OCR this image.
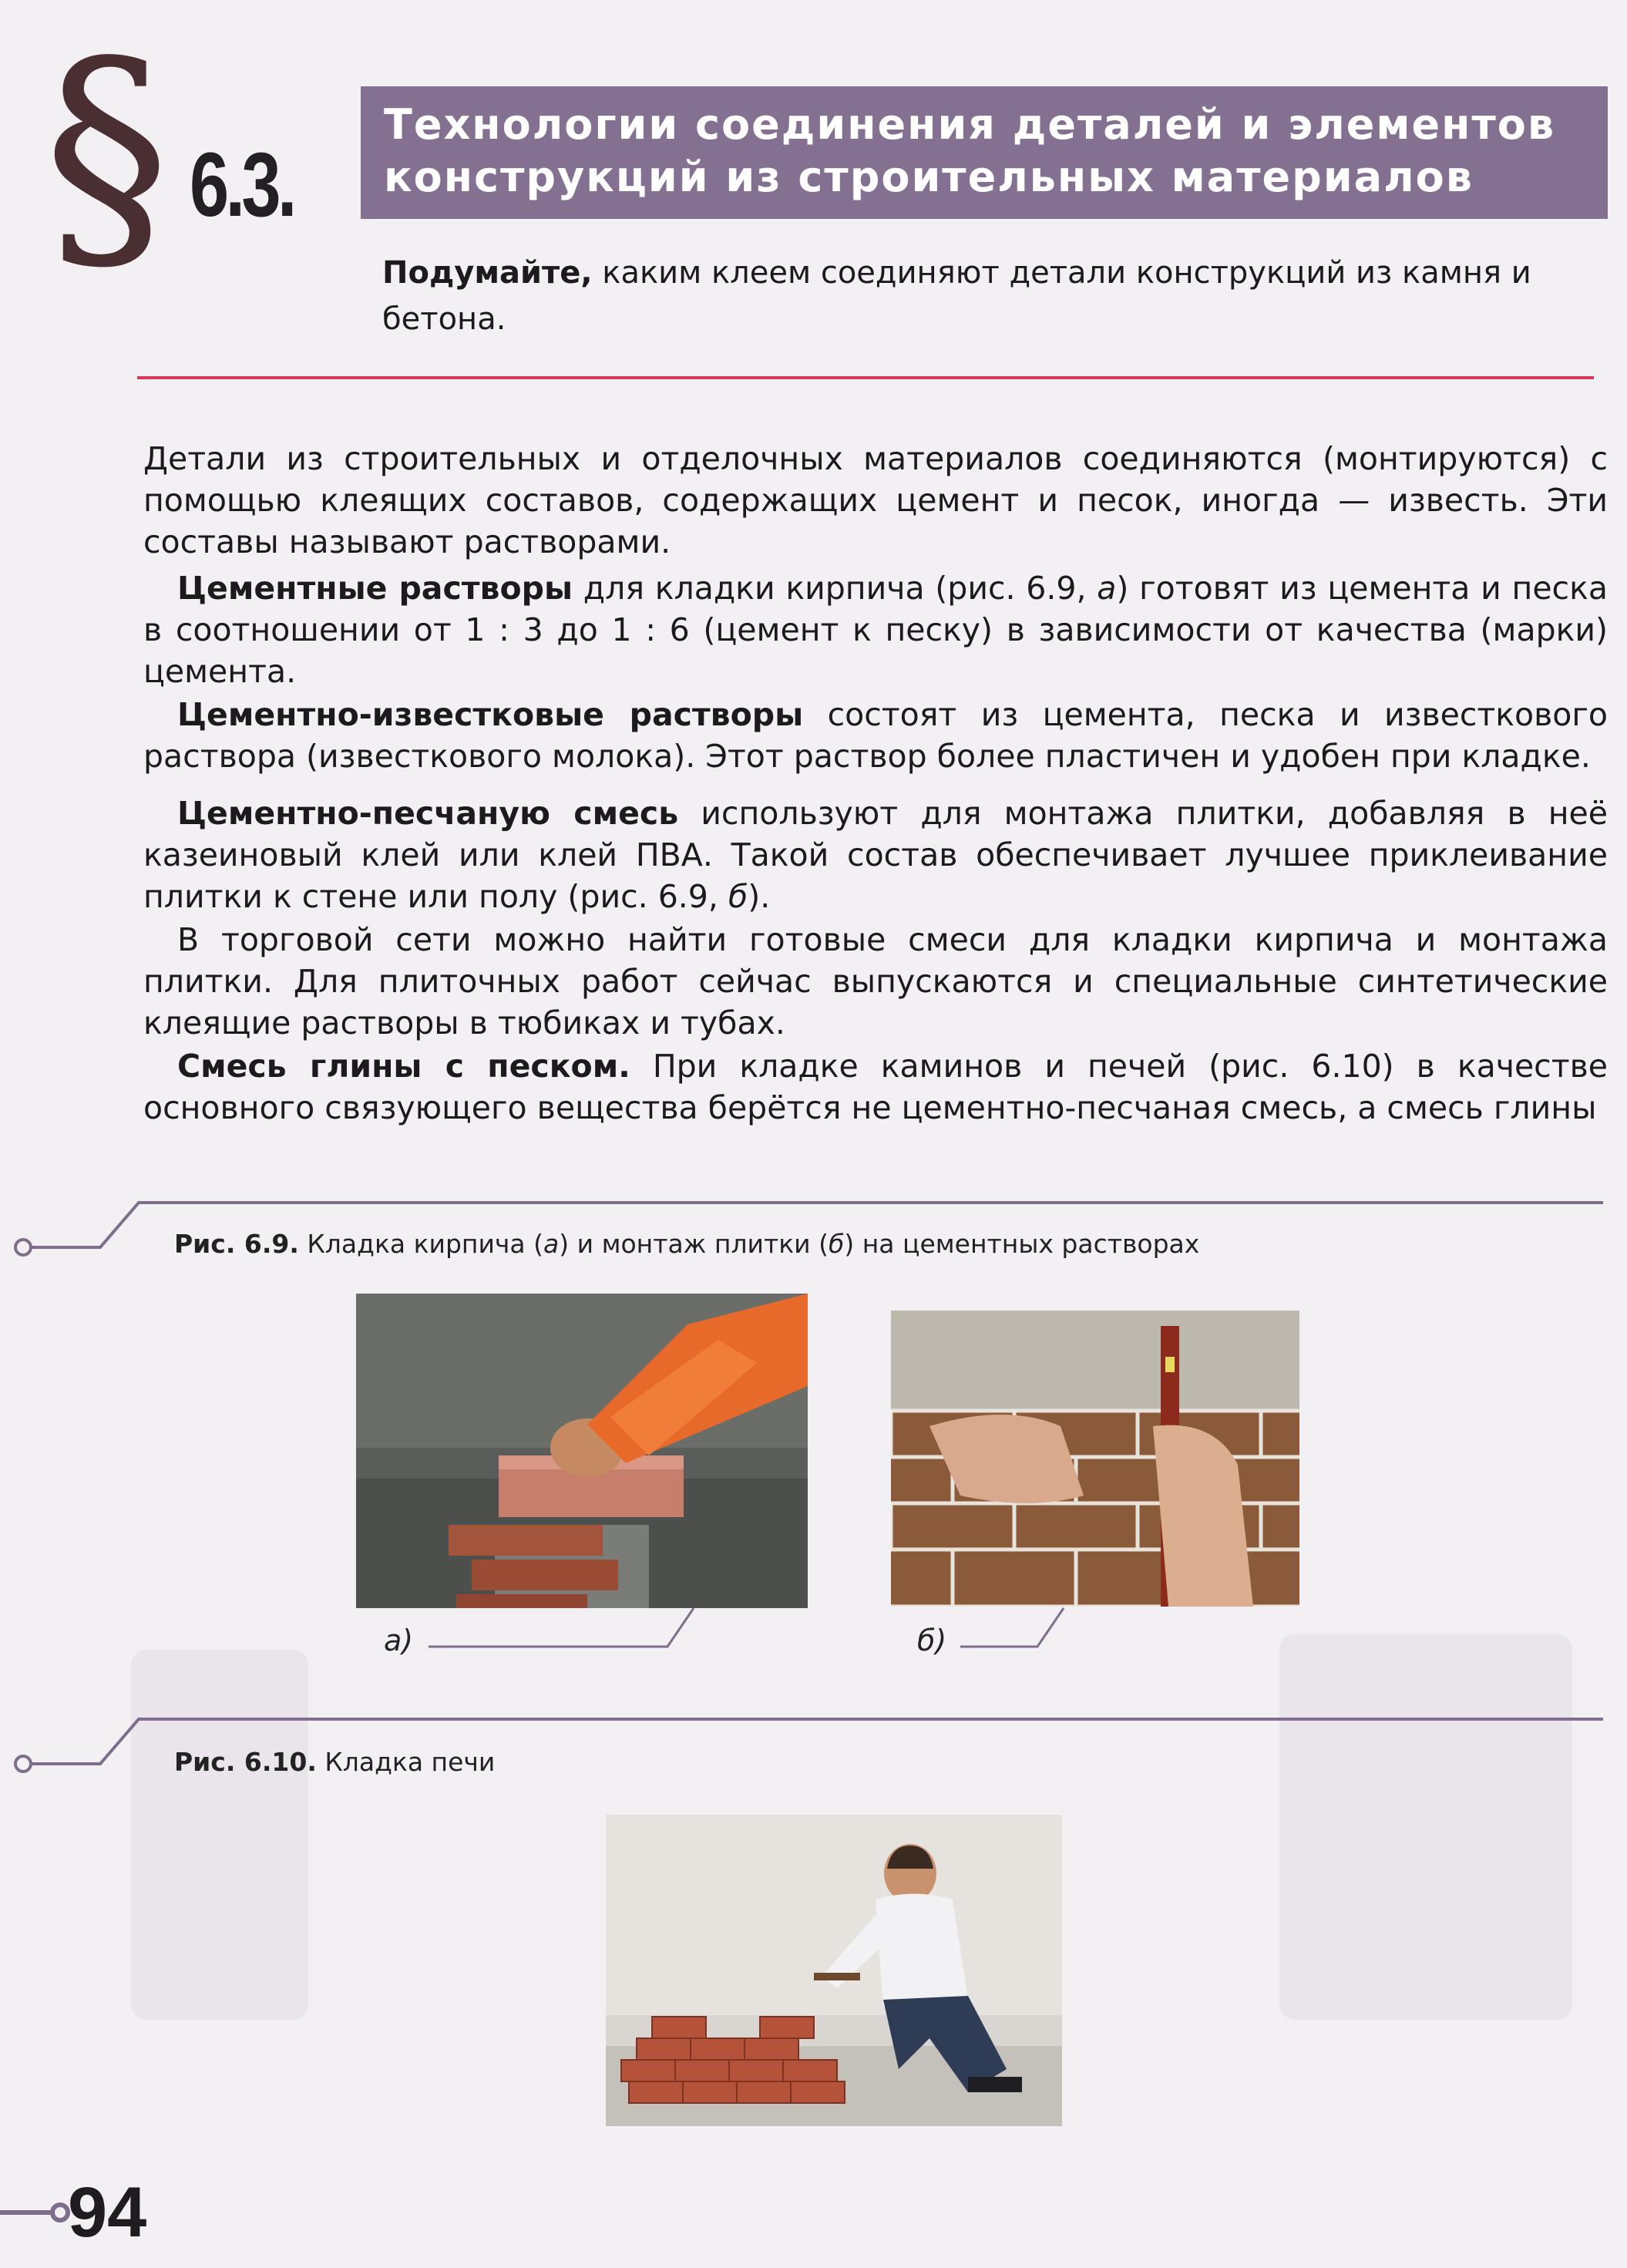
§ 6.3.
Технологии соединения деталей и элементов
конструкций из строительных материалов

Подумайте, каким клеем соединяют детали конструкций из камня и бетона.

Детали из строительных и отделочных материалов соединяются (монтируются) с помощью клеящих составов, содержащих цемент и песок, иногда — известь. Эти составы называют растворами.

Цементные растворы для кладки кирпича (рис. 6.9, а) готовят из цемента и песка в соотношении от 1 : 3 до 1 : 6 (цемент к песку) в зависимости от качества (марки) цемента.

Цементно-известковые растворы состоят из цемента, песка и известкового раствора (известкового молока). Этот раствор более пластичен и удобен при кладке.

Цементно-песчаную смесь используют для монтажа плитки, добавляя в неё казеиновый клей или клей ПВА. Такой состав обеспечивает лучшее приклеивание плитки к стене или полу (рис. 6.9, б).

В торговой сети можно найти готовые смеси для кладки кирпича и монтажа плитки. Для плиточных работ сейчас выпускаются и специальные синтетические клеящие растворы в тюбиках и тубах.

Смесь глины с песком. При кладке каминов и печей (рис. 6.10) в качестве основного связующего вещества берётся не цементно-песчаная смесь, а смесь глины

Рис. 6.9. Кладка кирпича (а) и монтаж плитки (б) на цементных растворах
а)	б)
Рис. 6.10. Кладка печи
94
